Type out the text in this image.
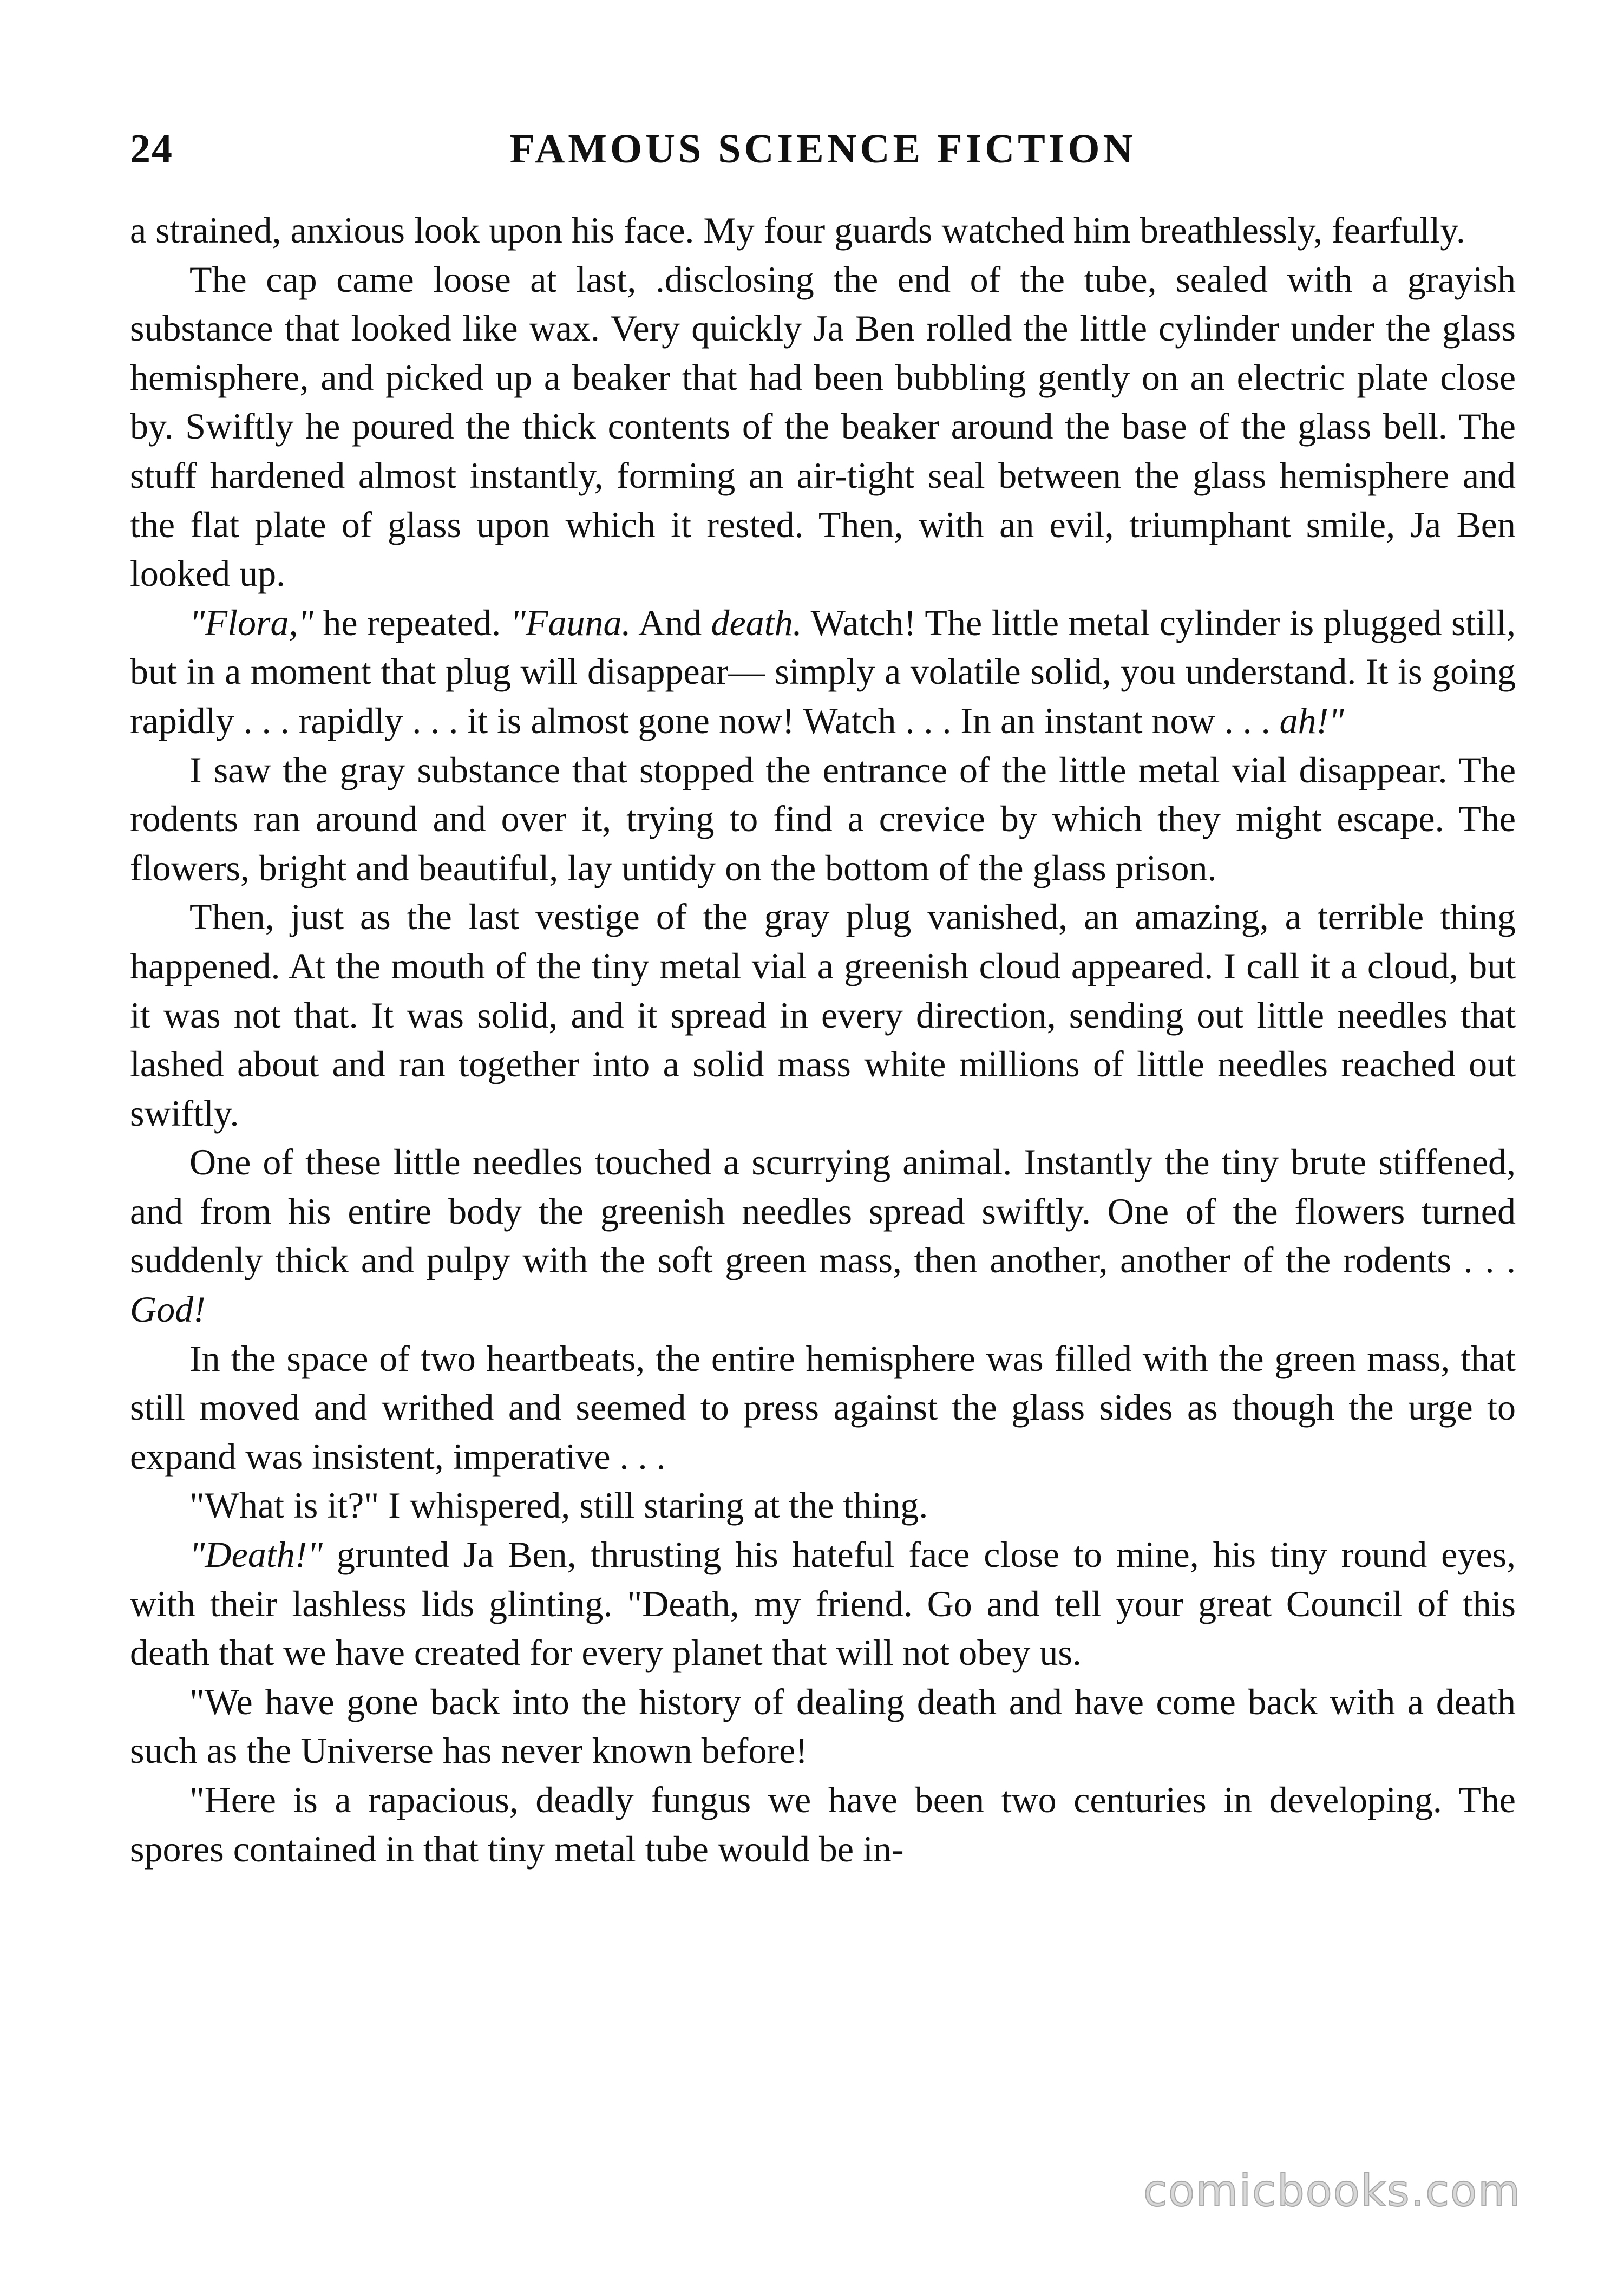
24	FAMOUS SCIENCE FICTION

a strained, anxious look upon his face. My four guards watched him breathlessly, fearfully.

The cap came loose at last, .disclosing the end of the tube, sealed with a grayish substance that looked like wax. Very quickly Ja Ben rolled the little cylinder under the glass hemisphere, and picked up a beaker that had been bubbling gently on an electric plate close by. Swiftly he poured the thick contents of the beaker around the base of the glass bell. The stuff hardened almost instantly, forming an air-tight seal between the glass hemisphere and the flat plate of glass upon which it rested. Then, with an evil, triumphant smile, Ja Ben looked up.

"Flora," he repeated. "Fauna. And death. Watch! The little metal cylinder is plugged still, but in a moment that plug will disappear— simply a volatile solid, you understand. It is going rapidly . . . rapidly . . . it is almost gone now! Watch . . . In an instant now . . . ah!"

I saw the gray substance that stopped the entrance of the little metal vial disappear. The rodents ran around and over it, trying to find a crevice by which they might escape. The flowers, bright and beautiful, lay untidy on the bottom of the glass prison.

Then, just as the last vestige of the gray plug vanished, an amazing, a terrible thing happened. At the mouth of the tiny metal vial a greenish cloud appeared. I call it a cloud, but it was not that. It was solid, and it spread in every direction, sending out little needles that lashed about and ran together into a solid mass white millions of little needles reached out swiftly.

One of these little needles touched a scurrying animal. Instantly the tiny brute stiffened, and from his entire body the greenish needles spread swiftly. One of the flowers turned suddenly thick and pulpy with the soft green mass, then another, another of the rodents . . . God!

In the space of two heartbeats, the entire hemisphere was filled with the green mass, that still moved and writhed and seemed to press against the glass sides as though the urge to expand was insistent, imperative . . .

"What is it?" I whispered, still staring at the thing.

"Death!" grunted Ja Ben, thrusting his hateful face close to mine, his tiny round eyes, with their lashless lids glinting. "Death, my friend. Go and tell your great Council of this death that we have created for every planet that will not obey us.

"We have gone back into the history of dealing death and have come back with a death such as the Universe has never known before!

"Here is a rapacious, deadly fungus we have been two centuries in developing. The spores contained in that tiny metal tube would be in-

comicbooks.com
